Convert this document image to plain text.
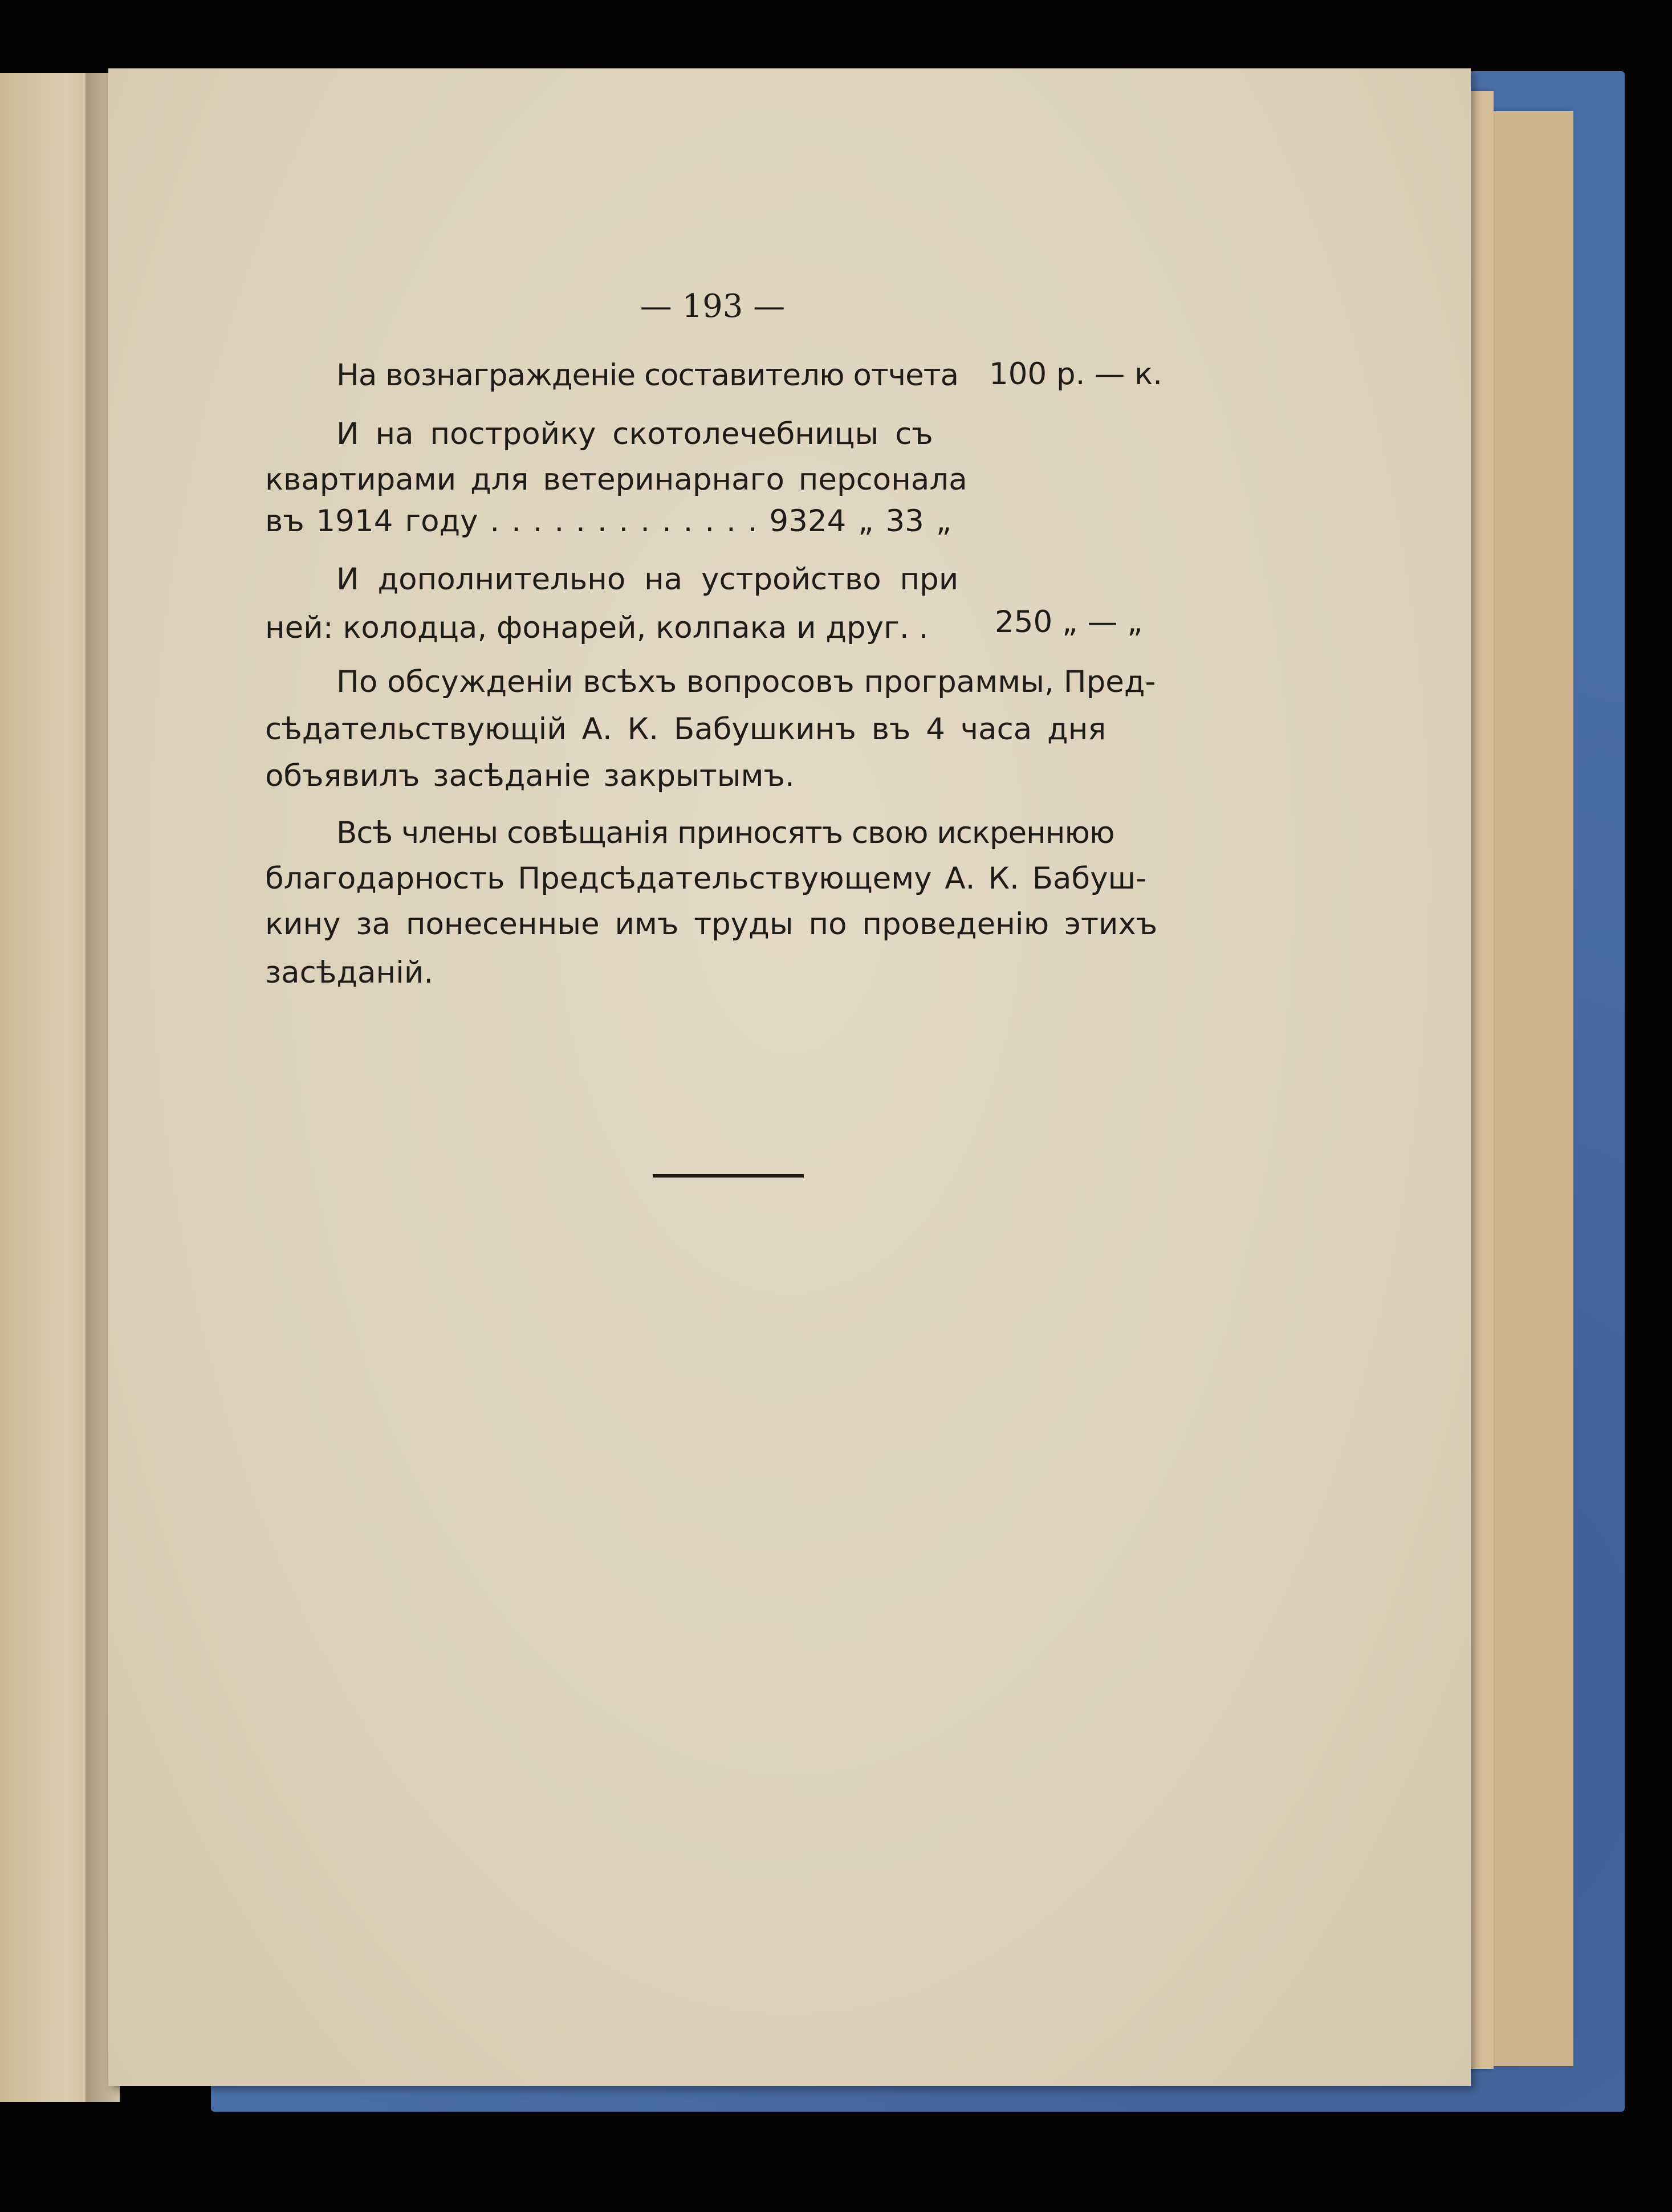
— 193 —
На вознагражденіе составителю отчета 100 р. — к.
И на постройку скотолечебницы съ
квартирами для ветеринарнаго персонала
въ 1914 году . . . . . . . . . . . . . 9324 „ 33 „
И дополнительно на устройство при
ней: колодца, фонарей, колпака и друг. . 250 „ — „
По обсужденіи всѣхъ вопросовъ программы, Пред-
сѣдательствующій А. К. Бабушкинъ въ 4 часа дня
объявилъ засѣданіе закрытымъ.
Всѣ члены совѣщанія приносятъ свою искреннюю
благодарность Предсѣдательствующему А. К. Бабуш-
кину за понесенные имъ труды по проведенію этихъ
засѣданій.
